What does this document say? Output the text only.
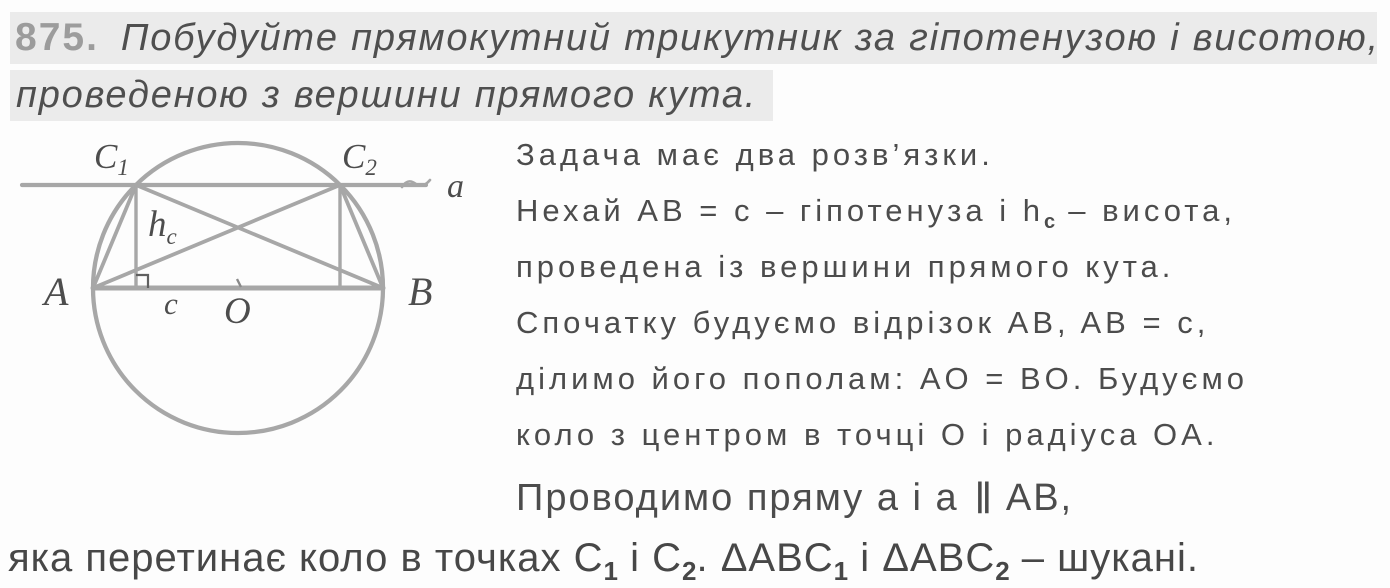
875. Побудуйте прямокутний трикутник за гіпотенузою і висотою,
проведеною з вершини прямого кута.
$C_1$	$C_2$
a
$h_c$
A	B
O
c
Задача має два розв’язки.
Нехай AB = c – гіпотенуза і $h_c$ – висота,
проведена із вершини прямого кута.
Спочатку будуємо відрізок AB, AB = c,
ділимо його пополам: AO = BO. Будуємо
коло з центром в точці O і радіуса OA.
Проводимо пряму a і a ‖ AB,
яка перетинає коло в точках $C_1$ і $C_2$. $\Delta ABC_1$ і $\Delta ABC_2$ – шукані.
